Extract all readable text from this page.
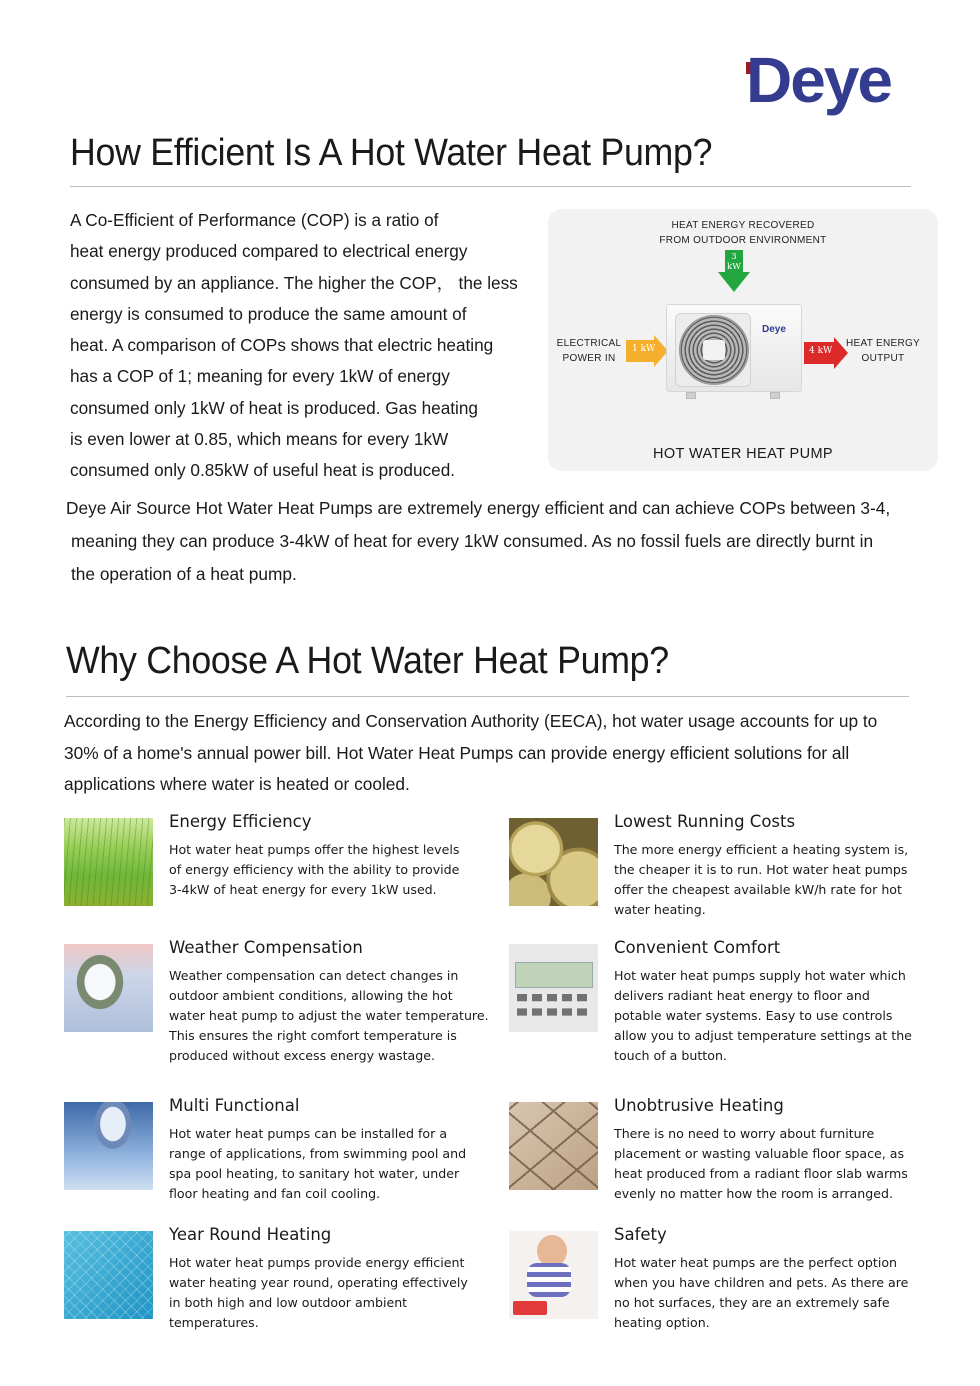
Deye
How Efficient Is A Hot Water Heat Pump?

A Co-Efficient of Performance (COP) is a ratio of

heat energy produced compared to electrical energy

consumed by an appliance. The higher the COP， the less

energy is consumed to produce the same amount of

heat. A comparison of COPs shows that electric heating

has a COP of 1; meaning for every 1kW of energy

consumed only 1kW of heat is produced. Gas heating

is even lower at 0.85, which means for every 1kW

consumed only 0.85kW of useful heat is produced.

HEAT ENERGY RECOVERED
FROM OUTDOOR ENVIRONMENT
3
kW
ELECTRICAL
POWER IN
1 kW
Deye
4 kW
HEAT ENERGY
OUTPUT
HOT WATER HEAT PUMP

Deye Air Source Hot Water Heat Pumps are extremely energy efficient and can achieve COPs between 3-4,

meaning they can produce 3-4kW of heat for every 1kW consumed. As no fossil fuels are directly burnt in

the operation of a heat pump.

Why Choose A Hot Water Heat Pump?

According to the Energy Efficiency and Conservation Authority (EECA), hot water usage accounts for up to

30% of a home's annual power bill. Hot Water Heat Pumps can provide energy efficient solutions for all

applications where water is heated or cooled.

Energy Efficiency

Hot water heat pumps offer the highest levels

of energy efficiency with the ability to provide

3-4kW of heat energy for every 1kW used.

Lowest Running Costs

The more energy efficient a heating system is,

the cheaper it is to run. Hot water heat pumps

offer the cheapest available kW/h rate for hot

water heating.

Weather Compensation

Weather compensation can detect changes in

outdoor ambient conditions, allowing the hot

water heat pump to adjust the water temperature.

This ensures the right comfort temperature is

produced without excess energy wastage.

Convenient Comfort

Hot water heat pumps supply hot water which

delivers radiant heat energy to floor and

potable water systems. Easy to use controls

allow you to adjust temperature settings at the

touch of a button.

Multi Functional

Hot water heat pumps can be installed for a

range of applications, from swimming pool and

spa pool heating, to sanitary hot water, under

floor heating and fan coil cooling.

Unobtrusive Heating

There is no need to worry about furniture

placement or wasting valuable floor space, as

heat produced from a radiant floor slab warms

evenly no matter how the room is arranged.

Year Round Heating

Hot water heat pumps provide energy efficient

water heating year round, operating effectively

in both high and low outdoor ambient

temperatures.

Safety

Hot water heat pumps are the perfect option

when you have children and pets. As there are

no hot surfaces, they are an extremely safe

heating option.
